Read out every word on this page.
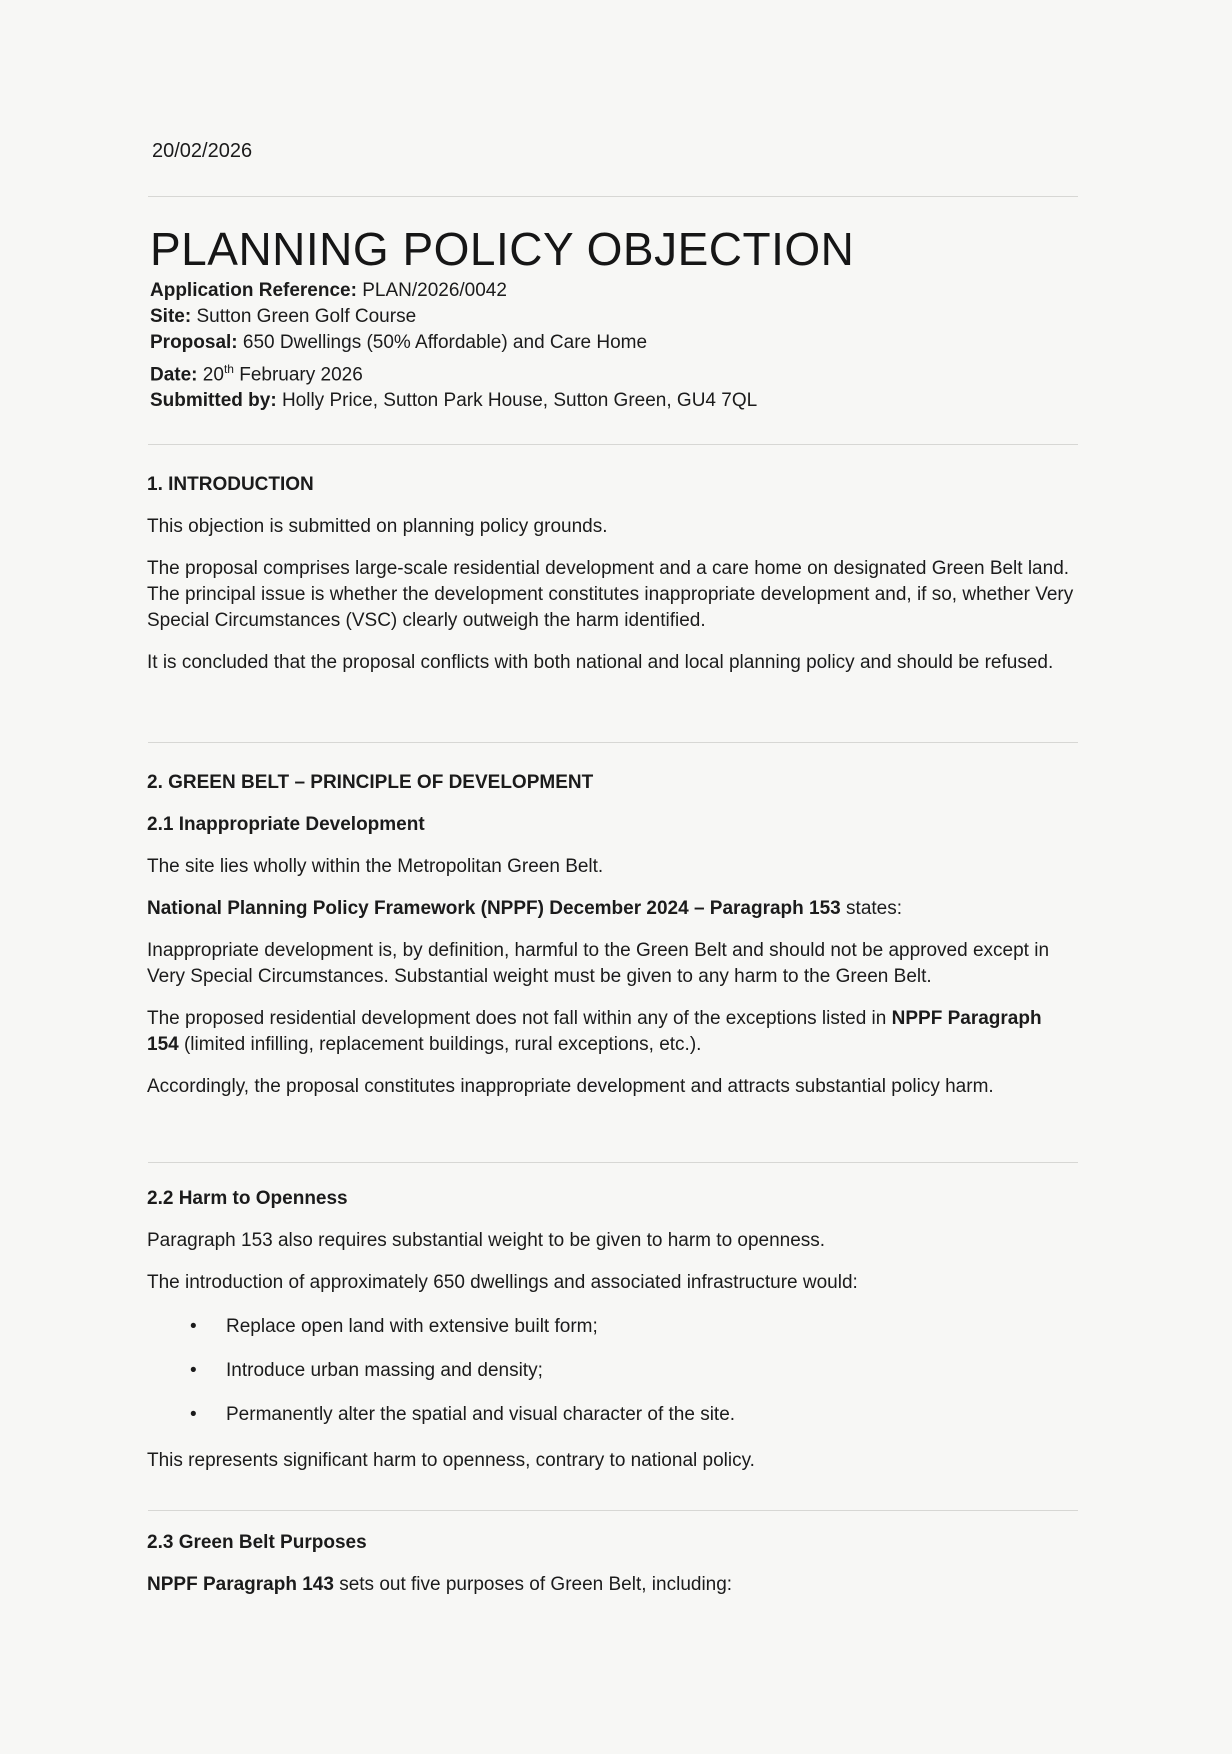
20/02/2026
PLANNING POLICY OBJECTION
Application Reference: PLAN/2026/0042
Site: Sutton Green Golf Course
Proposal: 650 Dwellings (50% Affordable) and Care Home
Date: 20th February 2026
Submitted by: Holly Price, Sutton Park House, Sutton Green, GU4 7QL
1. INTRODUCTION

This objection is submitted on planning policy grounds.

The proposal comprises large-scale residential development and a care home on designated Green Belt land. The principal issue is whether the development constitutes inappropriate development and, if so, whether Very Special Circumstances (VSC) clearly outweigh the harm identified.

It is concluded that the proposal conflicts with both national and local planning policy and should be refused.

2. GREEN BELT – PRINCIPLE OF DEVELOPMENT
2.1 Inappropriate Development

The site lies wholly within the Metropolitan Green Belt.

National Planning Policy Framework (NPPF) December 2024 – Paragraph 153 states:

Inappropriate development is, by definition, harmful to the Green Belt and should not be approved except in Very Special Circumstances. Substantial weight must be given to any harm to the Green Belt.

The proposed residential development does not fall within any of the exceptions listed in NPPF Paragraph 154 (limited infilling, replacement buildings, rural exceptions, etc.).

Accordingly, the proposal constitutes inappropriate development and attracts substantial policy harm.

2.2 Harm to Openness

Paragraph 153 also requires substantial weight to be given to harm to openness.

The introduction of approximately 650 dwellings and associated infrastructure would:

• Replace open land with extensive built form;
• Introduce urban massing and density;
• Permanently alter the spatial and visual character of the site.

This represents significant harm to openness, contrary to national policy.

2.3 Green Belt Purposes

NPPF Paragraph 143 sets out five purposes of Green Belt, including:
